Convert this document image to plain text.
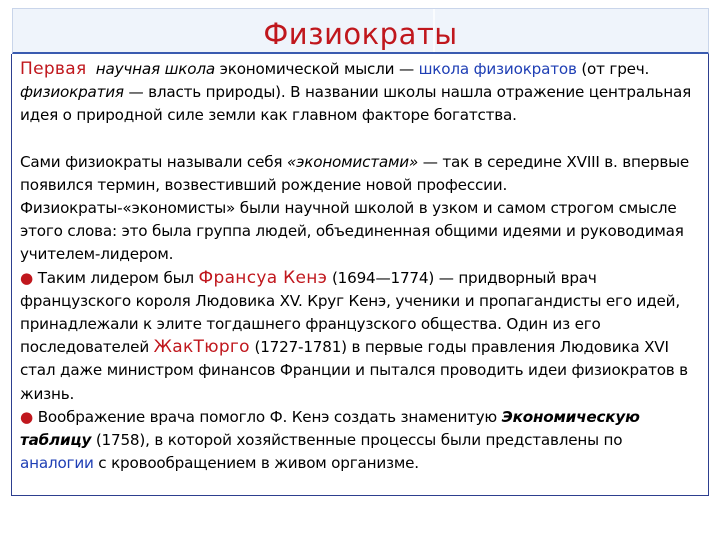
Физиократы

Первая научная школа экономической мысли — школа физиократов (от греч. физиократия — власть природы). В названии школы нашла отражение центральная идея о природной силе земли как главном факторе богатства.

Сами физиократы называли себя «экономистами» — так в середине XVIII в. впервые появился термин, возвестивший рождение новой профессии. Физиократы-«экономисты» были научной школой в узком и самом строгом смысле этого слова: это была группа людей, объединенная общими идеями и руководимая учителем-лидером.

● Таким лидером был Франсуа Кенэ (1694—1774) — придворный врач французского короля Людовика XV. Круг Кенэ, ученики и пропагандисты его идей, принадлежали к элите тогдашнего французского общества. Один из его последователей ЖакТюрго (1727-1781) в первые годы правления Людовика XVI стал даже министром финансов Франции и пытался проводить идеи физиократов в жизнь.

● Воображение врача помогло Ф. Кенэ создать знаменитую Экономическую таблицу (1758), в которой хозяйственные процессы были представлены по аналогии с кровообращением в живом организме.
